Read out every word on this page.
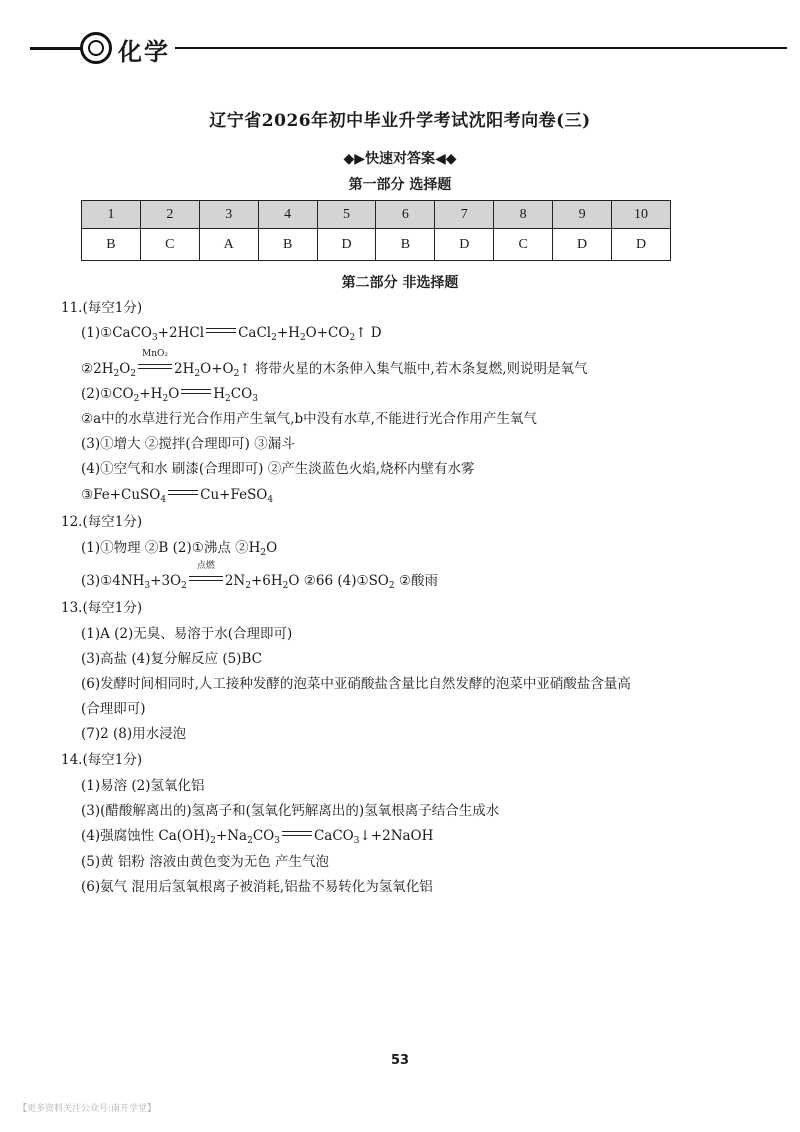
化学
辽宁省2026年初中毕业升学考试沈阳考向卷(三)
◆▶快速对答案◀◆
第一部分 选择题
1	2	3	4	5	6	7	8	9	10
B	C	A	B	D	B	D	C	D	D
第二部分 非选择题
11.(每空1分)
(1)①CaCO$_3$+2HCl	$CaCl_2+H_2O+CO_2↑$ D
$②2H_2O_2$
MnO₂
$2H_2O+O_2↑$ 将带火星的木条伸入集气瓶中,若木条复燃,则说明是氧气
$(2)①CO_2+H_2O$	$H_2CO_3$
②a中的水草进行光合作用产生氧气,b中没有水草,不能进行光合作用产生氧气
(3)①增大 ②搅拌(合理即可) ③漏斗
(4)①空气和水 刷漆(合理即可) ②产生淡蓝色火焰,烧杯内壁有水雾
③Fe+CuSO$_4$	Cu+FeSO$_4$
12.(每空1分)
(1)①物理 ②B (2)①沸点 $②H_2O$
$(3)①4NH_3+3O_2$
点燃
$2N_2+6H_2O$ ②66 $(4)①SO_2$ ②酸雨
13.(每空1分)
(1)A (2)无臭、易溶于水(合理即可)
(3)高盐 (4)复分解反应 (5)BC
(6)发酵时间相同时,人工接种发酵的泡菜中亚硝酸盐含量比自然发酵的泡菜中亚硝酸盐含量高
(合理即可)
(7)2 (8)用水浸泡
14.(每空1分)
(1)易溶 (2)氢氧化铝
(3)(醋酸解离出的)氢离子和(氢氧化钙解离出的)氢氧根离子结合生成水
(4)强腐蚀性 $Ca(OH)_2+Na_2CO_3$	CaCO$_3$↓+2NaOH
(5)黄 铝粉 溶液由黄色变为无色 产生气泡
(6)氨气 混用后氢氧根离子被消耗,铝盐不易转化为氢氧化铝
53
【更多资料关注公众号:南开学堂】
